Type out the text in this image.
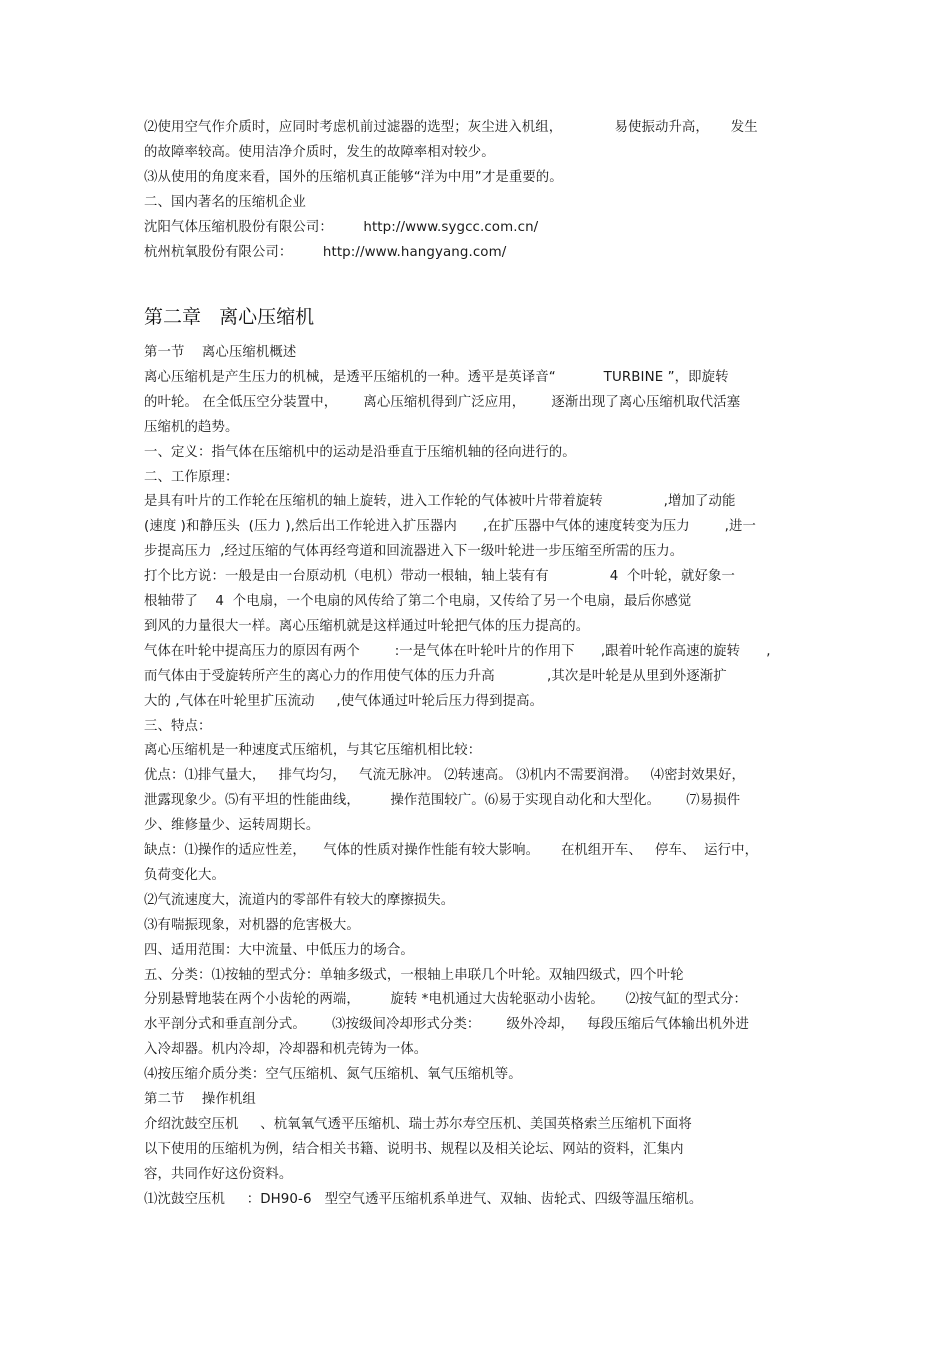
⑵使用空气作介质时，应同时考虑机前过滤器的选型；灰尘进入机组，            易使振动升高，     发生
的故障率较高。使用洁净介质时，发生的故障率相对较少。
⑶从使用的角度来看，国外的压缩机真正能够“洋为中用”才是重要的。
二、国内著名的压缩机企业
沈阳气体压缩机股份有限公司：       http://www.sygcc.com.cn/
杭州杭氧股份有限公司：       http://www.hangyang.com/
第二章   离心压缩机
第一节    离心压缩机概述
离心压缩机是产生压力的机械，是透平压缩机的一种。透平是英译音“           TURBINE ”，即旋转
的叶轮。 在全低压空分装置中，      离心压缩机得到广泛应用，      逐渐出现了离心压缩机取代活塞
压缩机的趋势。
一、定义：指气体在压缩机中的运动是沿垂直于压缩机轴的径向进行的。
二、工作原理：
是具有叶片的工作轮在压缩机的轴上旋转，进入工作轮的气体被叶片带着旋转              ,增加了动能
(速度 )和静压头  (压力 ),然后出工作轮进入扩压器内      ,在扩压器中气体的速度转变为压力        ,进一
步提高压力  ,经过压缩的气体再经弯道和回流器进入下一级叶轮进一步压缩至所需的压力。
打个比方说：一般是由一台原动机（电机）带动一根轴，轴上装有有              4  个叶轮，就好象一
根轴带了    4  个电扇，一个电扇的风传给了第二个电扇，又传给了另一个电扇，最后你感觉
到风的力量很大一样。离心压缩机就是这样通过叶轮把气体的压力提高的。
气体在叶轮中提高压力的原因有两个        :一是气体在叶轮叶片的作用下      ,跟着叶轮作高速的旋转      ,
而气体由于受旋转所产生的离心力的作用使气体的压力升高            ,其次是叶轮是从里到外逐渐扩
大的 ,气体在叶轮里扩压流动     ,使气体通过叶轮后压力得到提高。
三、特点：
离心压缩机是一种速度式压缩机，与其它压缩机相比较：
优点：⑴排气量大，   排气均匀，   气流无脉冲。 ⑵转速高。 ⑶机内不需要润滑。   ⑷密封效果好，
泄露现象少。⑸有平坦的性能曲线，       操作范围较广。⑹易于实现自动化和大型化。      ⑺易损件
少、维修量少、运转周期长。
缺点：⑴操作的适应性差，    气体的性质对操作性能有较大影响。     在机组开车、   停车、  运行中，
负荷变化大。
⑵气流速度大，流道内的零部件有较大的摩擦损失。
⑶有喘振现象，对机器的危害极大。
四、适用范围：大中流量、中低压力的场合。
五、分类：⑴按轴的型式分：单轴多级式，一根轴上串联几个叶轮。双轴四级式，四个叶轮
分别悬臂地装在两个小齿轮的两端，       旋转 *电机通过大齿轮驱动小齿轮。     ⑵按气缸的型式分：
水平剖分式和垂直剖分式。      ⑶按级间冷却形式分类：      级外冷却，   每段压缩后气体输出机外进
入冷却器。机内冷却，冷却器和机壳铸为一体。
⑷按压缩介质分类：空气压缩机、氮气压缩机、氧气压缩机等。
第二节    操作机组
介绍沈鼓空压机     、杭氧氧气透平压缩机、瑞士苏尔寿空压机、美国英格索兰压缩机下面将
以下使用的压缩机为例，结合相关书籍、说明书、规程以及相关论坛、网站的资料，汇集内
容，共同作好这份资料。
⑴沈鼓空压机     ：DH90-6   型空气透平压缩机系单进气、双轴、齿轮式、四级等温压缩机。
